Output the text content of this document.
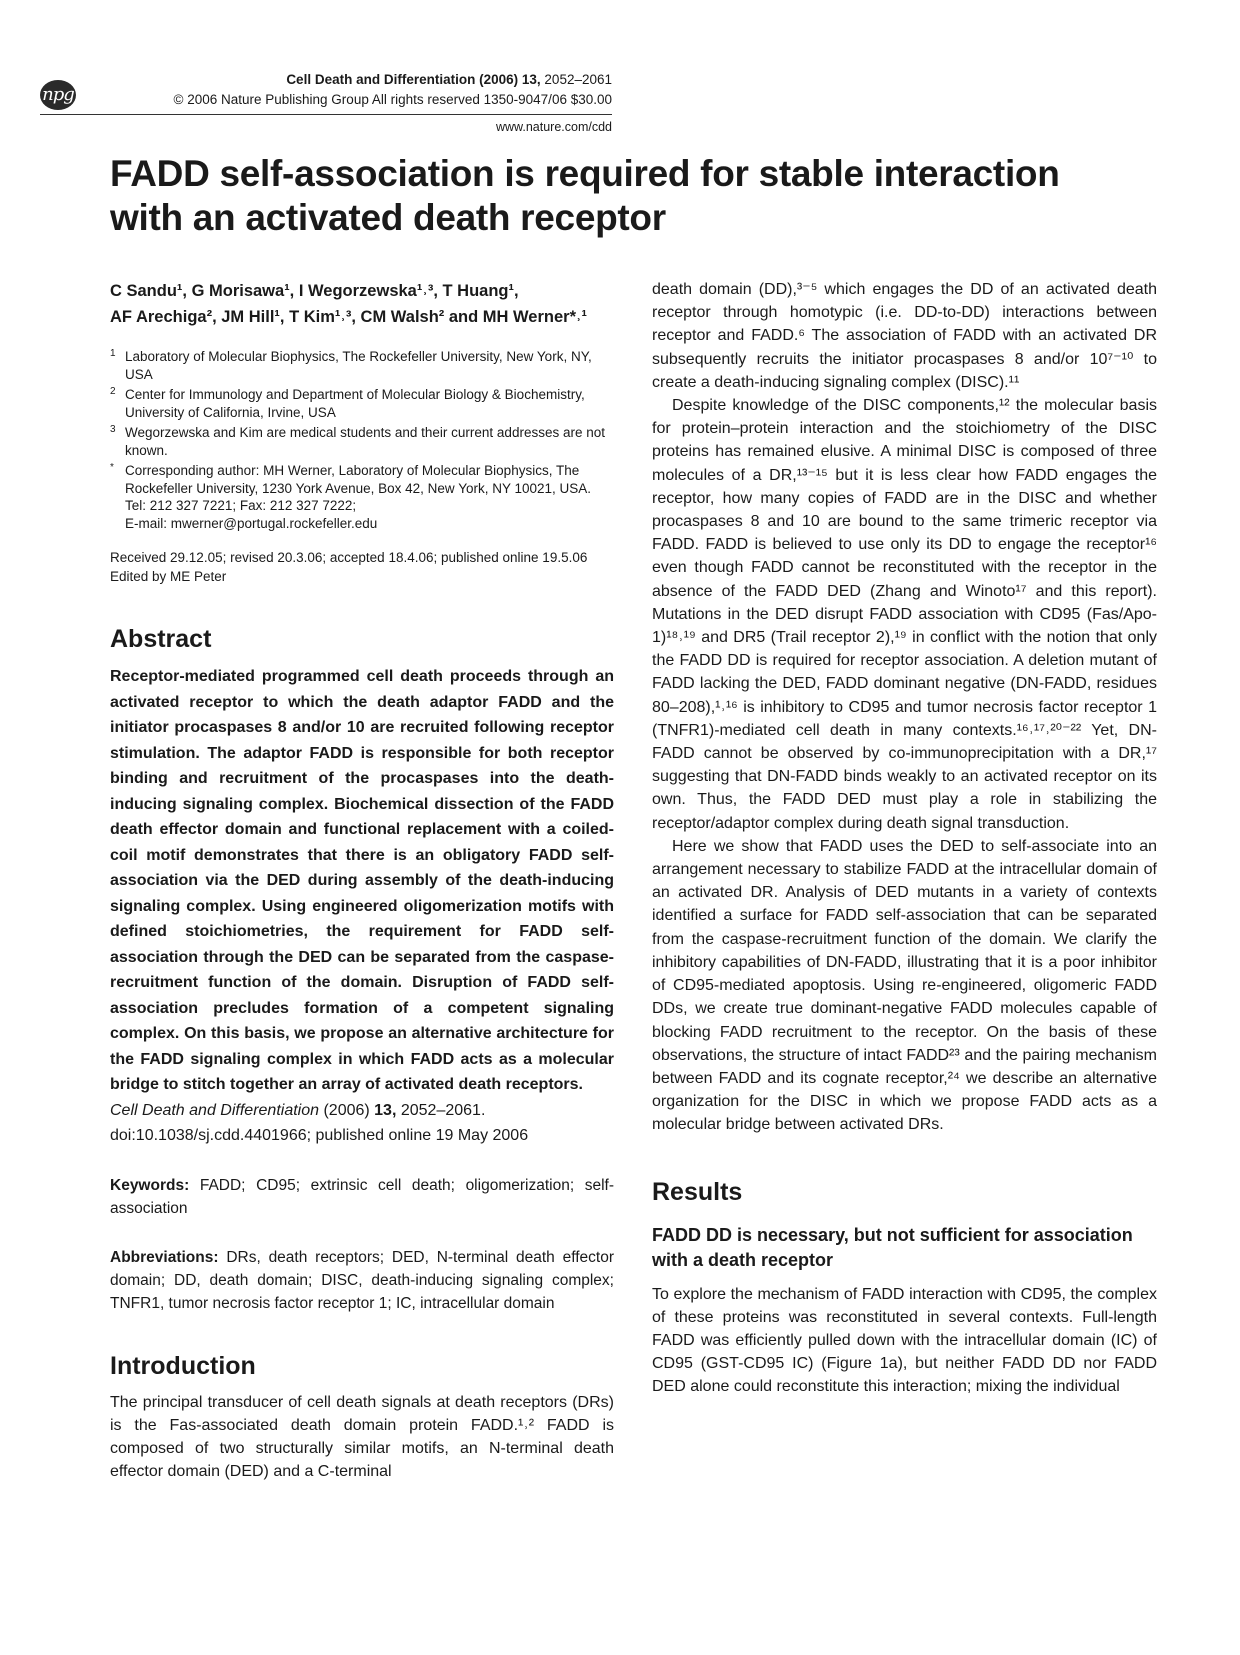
npg
Cell Death and Differentiation (2006) 13, 2052–2061
© 2006 Nature Publishing Group All rights reserved 1350-9047/06 $30.00
www.nature.com/cdd
FADD self-association is required for stable interaction with an activated death receptor
C Sandu¹, G Morisawa¹, I Wegorzewska¹˒³, T Huang¹,
AF Arechiga², JM Hill¹, T Kim¹˒³, CM Walsh² and MH Werner*˒¹
1 Laboratory of Molecular Biophysics, The Rockefeller University, New York, NY, USA
2 Center for Immunology and Department of Molecular Biology & Biochemistry, University of California, Irvine, USA
3 Wegorzewska and Kim are medical students and their current addresses are not known.
* Corresponding author: MH Werner, Laboratory of Molecular Biophysics, The Rockefeller University, 1230 York Avenue, Box 42, New York, NY 10021, USA. Tel: 212 327 7221; Fax: 212 327 7222;
E-mail: mwerner@portugal.rockefeller.edu
Received 29.12.05; revised 20.3.06; accepted 18.4.06; published online 19.5.06
Edited by ME Peter
Abstract

Receptor-mediated programmed cell death proceeds through an activated receptor to which the death adaptor FADD and the initiator procaspases 8 and/or 10 are recruited following receptor stimulation. The adaptor FADD is responsible for both receptor binding and recruitment of the procaspases into the death-inducing signaling complex. Biochemical dissection of the FADD death effector domain and functional replacement with a coiled-coil motif demonstrates that there is an obligatory FADD self-association via the DED during assembly of the death-inducing signaling complex. Using engineered oligomerization motifs with defined stoichiometries, the requirement for FADD self-association through the DED can be separated from the caspase-recruitment function of the domain. Disruption of FADD self-association precludes formation of a competent signaling complex. On this basis, we propose an alternative architecture for the FADD signaling complex in which FADD acts as a molecular bridge to stitch together an array of activated death receptors.

Cell Death and Differentiation (2006) 13, 2052–2061.

doi:10.1038/sj.cdd.4401966; published online 19 May 2006

Keywords: FADD; CD95; extrinsic cell death; oligomerization; self-association

Abbreviations: DRs, death receptors; DED, N-terminal death effector domain; DD, death domain; DISC, death-inducing signaling complex; TNFR1, tumor necrosis factor receptor 1; IC, intracellular domain

Introduction

The principal transducer of cell death signals at death receptors (DRs) is the Fas-associated death domain protein FADD.¹˒² FADD is composed of two structurally similar motifs, an N-terminal death effector domain (DED) and a C-terminal

death domain (DD),³⁻⁵ which engages the DD of an activated death receptor through homotypic (i.e. DD-to-DD) interactions between receptor and FADD.⁶ The association of FADD with an activated DR subsequently recruits the initiator procaspases 8 and/or 10⁷⁻¹⁰ to create a death-inducing signaling complex (DISC).¹¹

Despite knowledge of the DISC components,¹² the molecular basis for protein–protein interaction and the stoichiometry of the DISC proteins has remained elusive. A minimal DISC is composed of three molecules of a DR,¹³⁻¹⁵ but it is less clear how FADD engages the receptor, how many copies of FADD are in the DISC and whether procaspases 8 and 10 are bound to the same trimeric receptor via FADD. FADD is believed to use only its DD to engage the receptor¹⁶ even though FADD cannot be reconstituted with the receptor in the absence of the FADD DED (Zhang and Winoto¹⁷ and this report). Mutations in the DED disrupt FADD association with CD95 (Fas/Apo-1)¹⁸˒¹⁹ and DR5 (Trail receptor 2),¹⁹ in conflict with the notion that only the FADD DD is required for receptor association. A deletion mutant of FADD lacking the DED, FADD dominant negative (DN-FADD, residues 80–208),¹˒¹⁶ is inhibitory to CD95 and tumor necrosis factor receptor 1 (TNFR1)-mediated cell death in many contexts.¹⁶˒¹⁷˒²⁰⁻²² Yet, DN-FADD cannot be observed by co-immunoprecipitation with a DR,¹⁷ suggesting that DN-FADD binds weakly to an activated receptor on its own. Thus, the FADD DED must play a role in stabilizing the receptor/adaptor complex during death signal transduction.

Here we show that FADD uses the DED to self-associate into an arrangement necessary to stabilize FADD at the intracellular domain of an activated DR. Analysis of DED mutants in a variety of contexts identified a surface for FADD self-association that can be separated from the caspase-recruitment function of the domain. We clarify the inhibitory capabilities of DN-FADD, illustrating that it is a poor inhibitor of CD95-mediated apoptosis. Using re-engineered, oligomeric FADD DDs, we create true dominant-negative FADD molecules capable of blocking FADD recruitment to the receptor. On the basis of these observations, the structure of intact FADD²³ and the pairing mechanism between FADD and its cognate receptor,²⁴ we describe an alternative organization for the DISC in which we propose FADD acts as a molecular bridge between activated DRs.

Results
FADD DD is necessary, but not sufficient for association with a death receptor

To explore the mechanism of FADD interaction with CD95, the complex of these proteins was reconstituted in several contexts. Full-length FADD was efficiently pulled down with the intracellular domain (IC) of CD95 (GST-CD95 IC) (Figure 1a), but neither FADD DD nor FADD DED alone could reconstitute this interaction; mixing the individual
